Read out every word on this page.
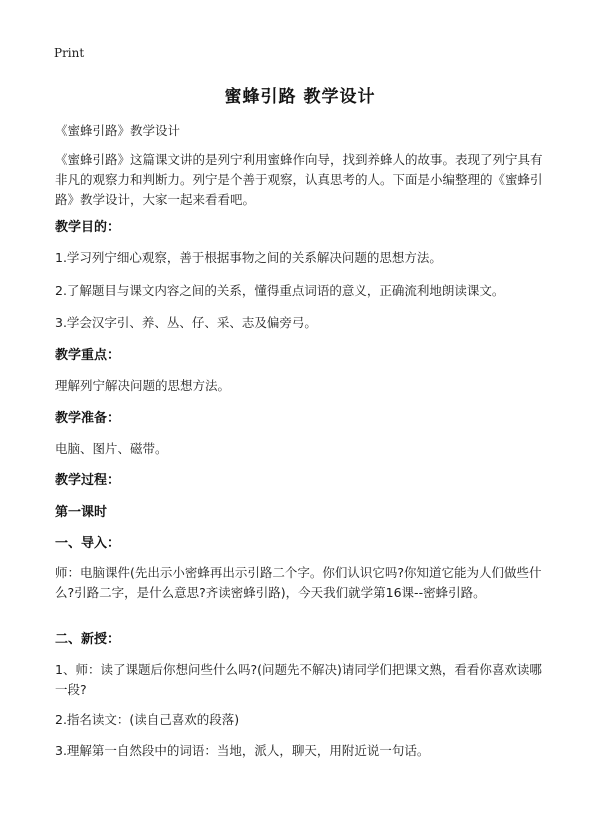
Print
蜜蜂引路 教学设计
《蜜蜂引路》教学设计
《蜜蜂引路》这篇课文讲的是列宁利用蜜蜂作向导，找到养蜂人的故事。表现了列宁具有非凡的观察力和判断力。列宁是个善于观察，认真思考的人。下面是小编整理的《蜜蜂引路》教学设计，大家一起来看看吧。
教学目的：
1.学习列宁细心观察，善于根据事物之间的关系解决问题的思想方法。
2.了解题目与课文内容之间的关系，懂得重点词语的意义，正确流利地朗读课文。
3.学会汉字引、养、丛、仔、采、志及偏旁弓。
教学重点：
理解列宁解决问题的思想方法。
教学准备：
电脑、图片、磁带。
教学过程：
第一课时
一、导入：
师：电脑课件(先出示小密蜂再出示引路二个字。你们认识它吗?你知道它能为人们做些什么?引路二字，是什么意思?齐读密蜂引路)，今天我们就学第16课--密蜂引路。
二、新授：
1、师：读了课题后你想问些什么吗?(问题先不解决)请同学们把课文熟，看看你喜欢读哪一段?
2.指名读文：(读自己喜欢的段落)
3.理解第一自然段中的词语：当地，派人，聊天，用附近说一句话。
